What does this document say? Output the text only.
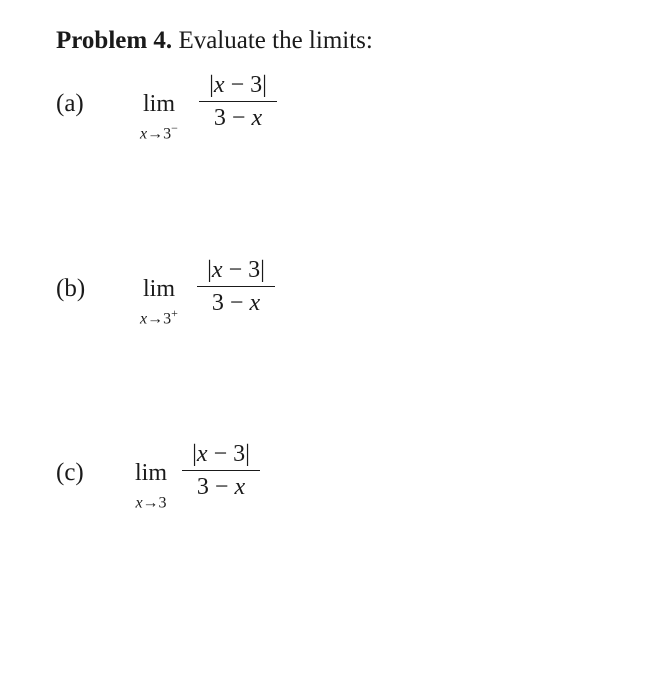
Problem 4. Evaluate the limits:
(a)	lim
$x\to 3^- \frac{|x - 3|}{3 - x}$
(b)	lim
$x\to 3^+ \frac{|x - 3|}{3 - x}$
(c)	lim
x→3
$\frac{|x - 3|}{3 - x}$
